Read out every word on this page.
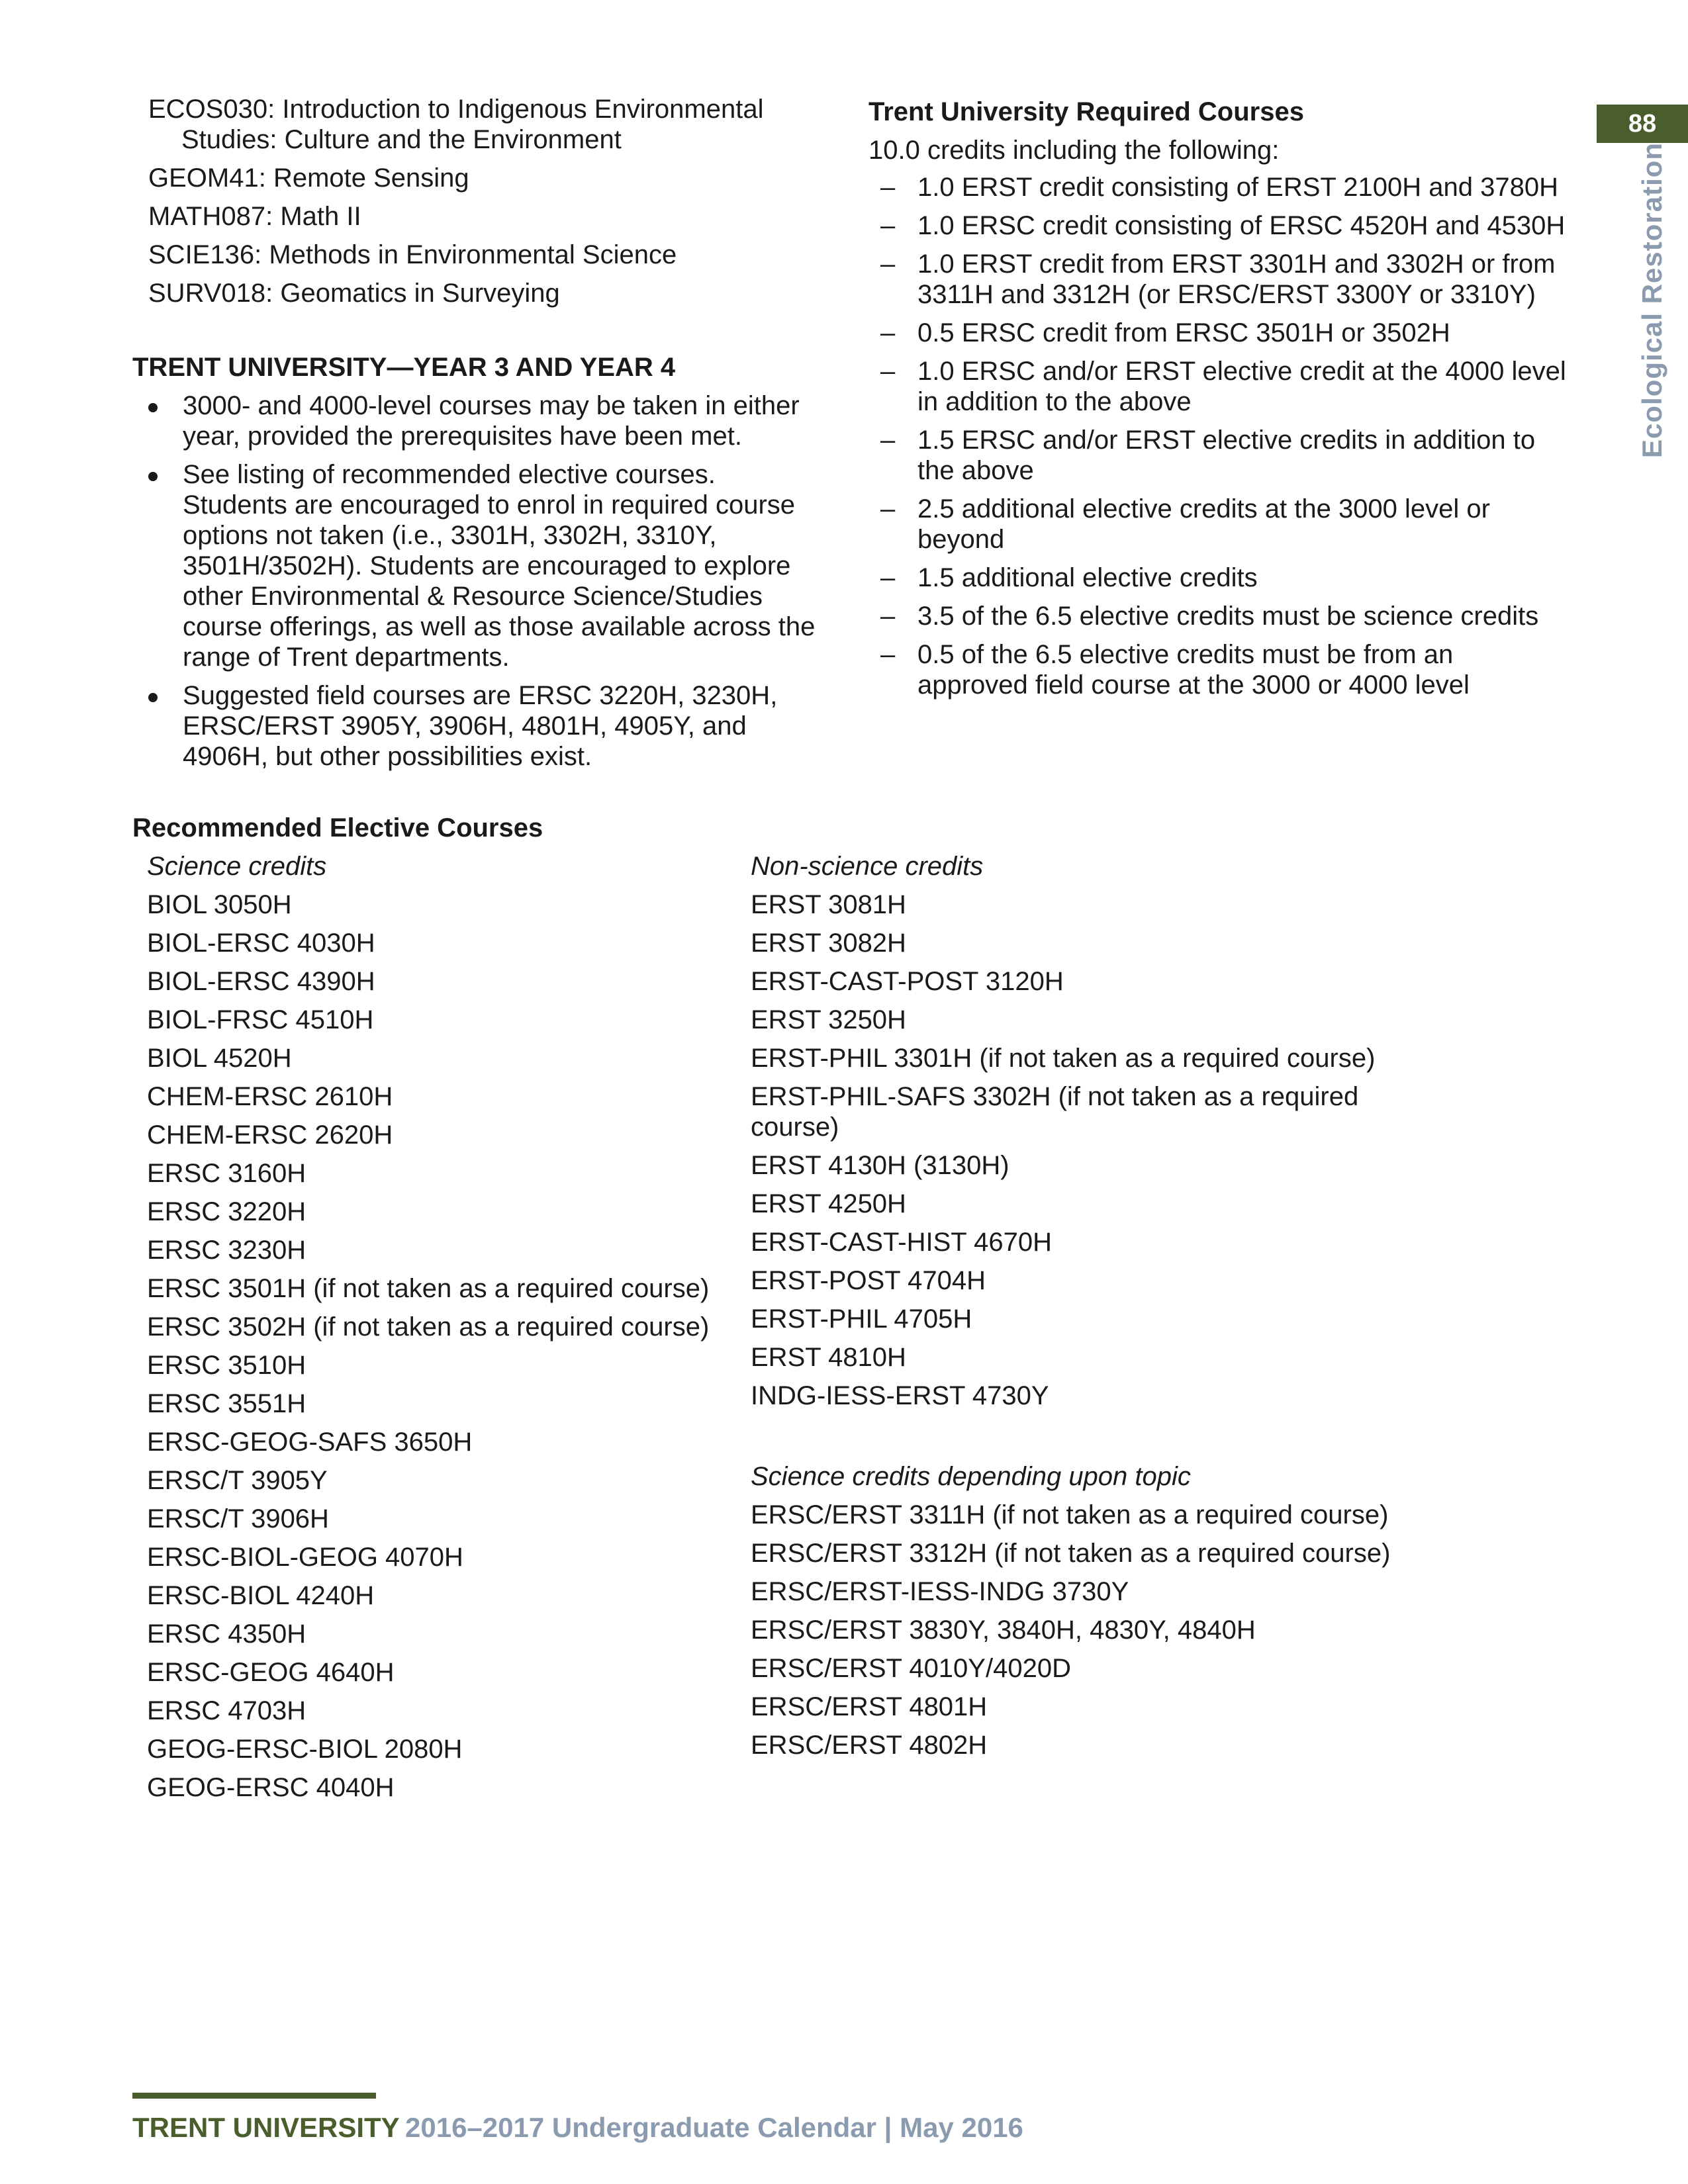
88
Ecological Restoration
ECOS030: Introduction to Indigenous Environmental Studies: Culture and the Environment
GEOM41: Remote Sensing
MATH087: Math II
SCIE136: Methods in Environmental Science
SURV018: Geomatics in Surveying
TRENT UNIVERSITY—YEAR 3 AND YEAR 4
3000- and 4000-level courses may be taken in either year, provided the prerequisites have been met.
See listing of recommended elective courses. Students are encouraged to enrol in required course options not taken (i.e., 3301H, 3302H, 3310Y, 3501H/3502H). Students are encouraged to explore other Environmental & Resource Science/Studies course offerings, as well as those available across the range of Trent departments.
Suggested field courses are ERSC 3220H, 3230H, ERSC/ERST 3905Y, 3906H, 4801H, 4905Y, and 4906H, but other possibilities exist.
Trent University Required Courses
10.0 credits including the following:
– 1.0 ERST credit consisting of ERST 2100H and 3780H
– 1.0 ERSC credit consisting of ERSC 4520H and 4530H
– 1.0 ERST credit from ERST 3301H and 3302H or from 3311H and 3312H (or ERSC/ERST 3300Y or 3310Y)
– 0.5 ERSC credit from ERSC 3501H or 3502H
– 1.0 ERSC and/or ERST elective credit at the 4000 level in addition to the above
– 1.5 ERSC and/or ERST elective credits in addition to the above
– 2.5 additional elective credits at the 3000 level or beyond
– 1.5 additional elective credits
– 3.5 of the 6.5 elective credits must be science credits
– 0.5 of the 6.5 elective credits must be from an approved field course at the 3000 or 4000 level
Recommended Elective Courses
Science credits
BIOL 3050H
BIOL-ERSC 4030H
BIOL-ERSC 4390H
BIOL-FRSC 4510H
BIOL 4520H
CHEM-ERSC 2610H
CHEM-ERSC 2620H
ERSC 3160H
ERSC 3220H
ERSC 3230H
ERSC 3501H (if not taken as a required course)
ERSC 3502H (if not taken as a required course)
ERSC 3510H
ERSC 3551H
ERSC-GEOG-SAFS 3650H
ERSC/T 3905Y
ERSC/T 3906H
ERSC-BIOL-GEOG 4070H
ERSC-BIOL 4240H
ERSC 4350H
ERSC-GEOG 4640H
ERSC 4703H
GEOG-ERSC-BIOL 2080H
GEOG-ERSC 4040H
Non-science credits
ERST 3081H
ERST 3082H
ERST-CAST-POST 3120H
ERST 3250H
ERST-PHIL 3301H (if not taken as a required course)
ERST-PHIL-SAFS 3302H (if not taken as a required course)
ERST 4130H (3130H)
ERST 4250H
ERST-CAST-HIST 4670H
ERST-POST 4704H
ERST-PHIL 4705H
ERST 4810H
INDG-IESS-ERST 4730Y
Science credits depending upon topic
ERSC/ERST 3311H (if not taken as a required course)
ERSC/ERST 3312H (if not taken as a required course)
ERSC/ERST-IESS-INDG 3730Y
ERSC/ERST 3830Y, 3840H, 4830Y, 4840H
ERSC/ERST 4010Y/4020D
ERSC/ERST 4801H
ERSC/ERST 4802H
TRENT UNIVERSITY 2016–2017 Undergraduate Calendar | May 2016
